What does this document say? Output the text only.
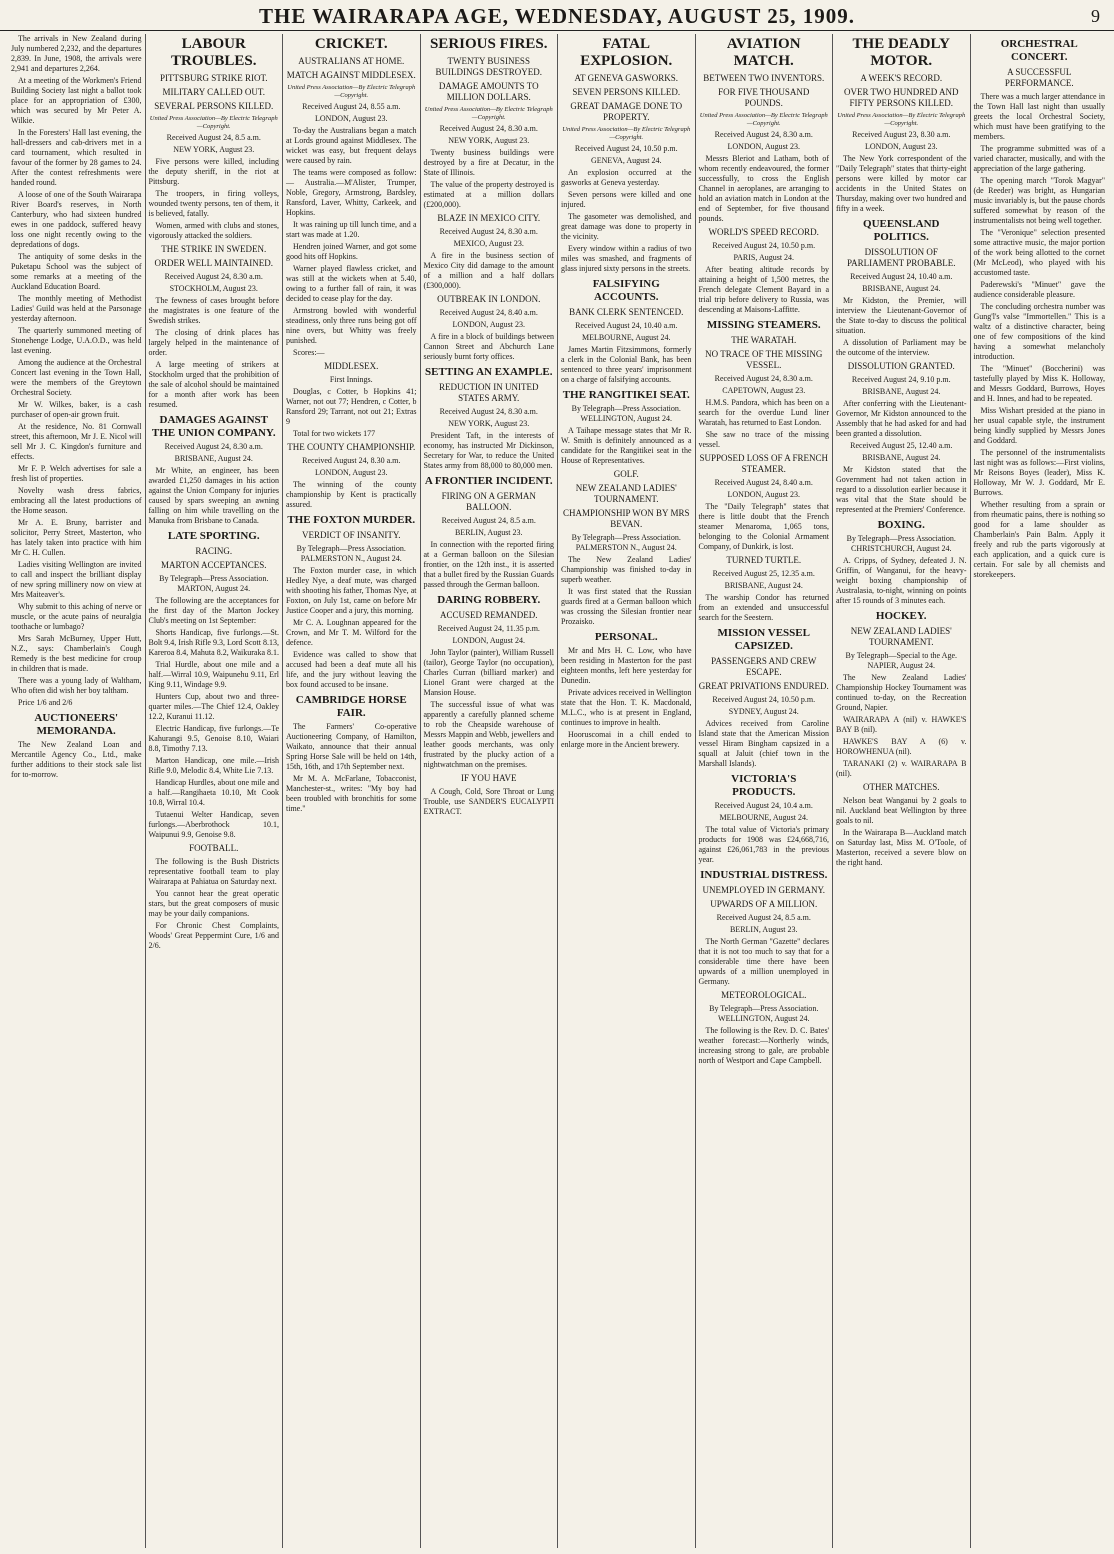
THE WAIRARAPA AGE, WEDNESDAY, AUGUST 25, 1909.	9

The arrivals in New Zealand during July numbered 2,232, and the departures 2,839. In June, 1908, the arrivals were 2,941 and departures 2,264.

At a meeting of the Workmen's Friend Building Society last night a ballot took place for an appropriation of £300, which was secured by Mr Peter A. Wilkie.

In the Foresters' Hall last evening, the hall-dressers and cab-drivers met in a card tournament, which resulted in favour of the former by 28 games to 24. After the contest refreshments were handed round.

A loose of one of the South Wairarapa River Board's reserves, in North Canterbury, who had sixteen hundred ewes in one paddock, suffered heavy loss one night recently owing to the depredations of dogs.

The antiquity of some desks in the Puketapu School was the subject of some remarks at a meeting of the Auckland Education Board.

The monthly meeting of Methodist Ladies' Guild was held at the Parsonage yesterday afternoon.

The quarterly summoned meeting of Stonehenge Lodge, U.A.O.D., was held last evening.

Among the audience at the Orchestral Concert last evening in the Town Hall, were the members of the Greytown Orchestral Society.

Mr W. Wilkes, baker, is a cash purchaser of open-air grown fruit.

At the residence, No. 81 Cornwall street, this afternoon, Mr J. E. Nicol will sell Mr J. C. Kingdon's furniture and effects.

Mr F. P. Welch advertises for sale a fresh list of properties.

Novelty wash dress fabrics, embracing all the latest productions of the Home season.

Mr A. E. Bruny, barrister and solicitor, Perry Street, Masterton, who has lately taken into practice with him Mr C. H. Cullen.

Ladies visiting Wellington are invited to call and inspect the brilliant display of new spring millinery now on view at Mrs Maiteaver's.

Why submit to this aching of nerve or muscle, or the acute pains of neuralgia toothache or lumbago?

Mrs Sarah McBurney, Upper Hutt, N.Z., says: Chamberlain's Cough Remedy is the best medicine for croup in children that is made.

There was a young lady of Waltham, Who often did wish her boy taltham.

Price 1/6 and 2/6

AUCTIONEERS' MEMORANDA.

The New Zealand Loan and Mercantile Agency Co., Ltd., make further additions to their stock sale list for to-morrow.

LABOUR TROUBLES.
PITTSBURG STRIKE RIOT.
MILITARY CALLED OUT.
SEVERAL PERSONS KILLED.
United Press Association—By Electric Telegraph—Copyright.
Received August 24, 8.5 a.m.
NEW YORK, August 23.

Five persons were killed, including the deputy sheriff, in the riot at Pittsburg.

The troopers, in firing volleys, wounded twenty persons, ten of them, it is believed, fatally.

Women, armed with clubs and stones, vigorously attacked the soldiers.

THE STRIKE IN SWEDEN.
ORDER WELL MAINTAINED.
Received August 24, 8.30 a.m.
STOCKHOLM, August 23.

The fewness of cases brought before the magistrates is one feature of the Swedish strikes.

The closing of drink places has largely helped in the maintenance of order.

A large meeting of strikers at Stockholm urged that the prohibition of the sale of alcohol should be maintained for a month after work has been resumed.

DAMAGES AGAINST THE UNION COMPANY.
Received August 24, 8.30 a.m.
BRISBANE, August 24.

Mr White, an engineer, has been awarded £1,250 damages in his action against the Union Company for injuries caused by spars sweeping an awning falling on him while travelling on the Manuka from Brisbane to Canada.

LATE SPORTING.
RACING.
MARTON ACCEPTANCES.
By Telegraph—Press Association. MARTON, August 24.

The following are the acceptances for the first day of the Marton Jockey Club's meeting on 1st September:

Shorts Handicap, five furlongs.—St. Bolt 9.4, Irish Rifle 9.3, Lord Scott 8.13, Kareroa 8.4, Mahuta 8.2, Waikuraka 8.1.

Trial Hurdle, about one mile and a half.—Wirral 10.9, Waipunehu 9.11, Erl King 9.11, Windage 9.9.

Hunters Cup, about two and three-quarter miles.—The Chief 12.4, Oakley 12.2, Kuranui 11.12.

Electric Handicap, five furlongs.—Te Kahurangi 9.5, Genoise 8.10, Waiari 8.8, Timothy 7.13.

Marton Handicap, one mile.—Irish Rifle 9.0, Melodic 8.4, White Lie 7.13.

Handicap Hurdles, about one mile and a half.—Rangihaeta 10.10, Mt Cook 10.8, Wirral 10.4.

Tutaenui Welter Handicap, seven furlongs.—Aberbrothock 10.1, Waipunui 9.9, Genoise 9.8.

FOOTBALL.

The following is the Bush Districts representative football team to play Wairarapa at Pahiatua on Saturday next.

You cannot hear the great operatic stars, but the great composers of music may be your daily companions.

For Chronic Chest Complaints, Woods' Great Peppermint Cure, 1/6 and 2/6.

CRICKET.
AUSTRALIANS AT HOME.
MATCH AGAINST MIDDLESEX.
United Press Association—By Electric Telegraph—Copyright.
Received August 24, 8.55 a.m.
LONDON, August 23.

To-day the Australians began a match at Lords ground against Middlesex. The wicket was easy, but frequent delays were caused by rain.

The teams were composed as follow:— Australia.—M'Alister, Trumper, Noble, Gregory, Armstrong, Bardsley, Ransford, Laver, Whitty, Carkeek, and Hopkins.

It was raining up till lunch time, and a start was made at 1.20.

Hendren joined Warner, and got some good hits off Hopkins.

Warner played flawless cricket, and was still at the wickets when at 5.40, owing to a further fall of rain, it was decided to cease play for the day.

Armstrong bowled with wonderful steadiness, only three runs being got off nine overs, but Whitty was freely punished.

Scores:—

MIDDLESEX.
First Innings.

Douglas, c Cotter, b Hopkins 41; Warner, not out 77; Hendren, c Cotter, b Ransford 29; Tarrant, not out 21; Extras 9

Total for two wickets 177

THE COUNTY CHAMPIONSHIP.
Received August 24, 8.30 a.m.
LONDON, August 23.

The winning of the county championship by Kent is practically assured.

THE FOXTON MURDER.
VERDICT OF INSANITY.
By Telegraph—Press Association. PALMERSTON N., August 24.

The Foxton murder case, in which Hedley Nye, a deaf mute, was charged with shooting his father, Thomas Nye, at Foxton, on July 1st, came on before Mr Justice Cooper and a jury, this morning.

Mr C. A. Loughnan appeared for the Crown, and Mr T. M. Wilford for the defence.

Evidence was called to show that accused had been a deaf mute all his life, and the jury without leaving the box found accused to be insane.

CAMBRIDGE HORSE FAIR.

The Farmers' Co-operative Auctioneering Company, of Hamilton, Waikato, announce that their annual Spring Horse Sale will be held on 14th, 15th, 16th, and 17th September next.

Mr M. A. McFarlane, Tobacconist, Manchester-st., writes: "My boy had been troubled with bronchitis for some time."

SERIOUS FIRES.
TWENTY BUSINESS BUILDINGS DESTROYED.
DAMAGE AMOUNTS TO MILLION DOLLARS.
United Press Association—By Electric Telegraph—Copyright.
Received August 24, 8.30 a.m.
NEW YORK, August 23.

Twenty business buildings were destroyed by a fire at Decatur, in the State of Illinois.

The value of the property destroyed is estimated at a million dollars (£200,000).

BLAZE IN MEXICO CITY.
Received August 24, 8.30 a.m.
MEXICO, August 23.

A fire in the business section of Mexico City did damage to the amount of a million and a half dollars (£300,000).

OUTBREAK IN LONDON.
Received August 24, 8.40 a.m.
LONDON, August 23.

A fire in a block of buildings between Cannon Street and Abchurch Lane seriously burnt forty offices.

SETTING AN EXAMPLE.
REDUCTION IN UNITED STATES ARMY.
Received August 24, 8.30 a.m.
NEW YORK, August 23.

President Taft, in the interests of economy, has instructed Mr Dickinson, Secretary for War, to reduce the United States army from 88,000 to 80,000 men.

A FRONTIER INCIDENT.
FIRING ON A GERMAN BALLOON.
Received August 24, 8.5 a.m.
BERLIN, August 23.

In connection with the reported firing at a German balloon on the Silesian frontier, on the 12th inst., it is asserted that a bullet fired by the Russian Guards passed through the German balloon.

DARING ROBBERY.
ACCUSED REMANDED.
Received August 24, 11.35 p.m.
LONDON, August 24.

John Taylor (painter), William Russell (tailor), George Taylor (no occupation), Charles Curran (billiard marker) and Lionel Grant were charged at the Mansion House.

The successful issue of what was apparently a carefully planned scheme to rob the Cheapside warehouse of Messrs Mappin and Webb, jewellers and leather goods merchants, was only frustrated by the plucky action of a nightwatchman on the premises.

IF YOU HAVE

A Cough, Cold, Sore Throat or Lung Trouble, use SANDER'S EUCALYPTI EXTRACT.

FATAL EXPLOSION.
AT GENEVA GASWORKS.
SEVEN PERSONS KILLED.
GREAT DAMAGE DONE TO PROPERTY.
United Press Association—By Electric Telegraph—Copyright.
Received August 24, 10.50 p.m.
GENEVA, August 24.

An explosion occurred at the gasworks at Geneva yesterday.

Seven persons were killed and one injured.

The gasometer was demolished, and great damage was done to property in the vicinity.

Every window within a radius of two miles was smashed, and fragments of glass injured sixty persons in the streets.

FALSIFYING ACCOUNTS.
BANK CLERK SENTENCED.
Received August 24, 10.40 a.m.
MELBOURNE, August 24.

James Martin Fitzsimmons, formerly a clerk in the Colonial Bank, has been sentenced to three years' imprisonment on a charge of falsifying accounts.

THE RANGITIKEI SEAT.
By Telegraph—Press Association. WELLINGTON, August 24.

A Taihape message states that Mr R. W. Smith is definitely announced as a candidate for the Rangitikei seat in the House of Representatives.

GOLF.
NEW ZEALAND LADIES' TOURNAMENT.
CHAMPIONSHIP WON BY MRS BEVAN.
By Telegraph—Press Association. PALMERSTON N., August 24.

The New Zealand Ladies' Championship was finished to-day in superb weather.

It was first stated that the Russian guards fired at a German balloon which was crossing the Silesian frontier near Prozaisko.

PERSONAL.

Mr and Mrs H. C. Low, who have been residing in Masterton for the past eighteen months, left here yesterday for Dunedin.

Private advices received in Wellington state that the Hon. T. K. Macdonald, M.L.C., who is at present in England, continues to improve in health.

Hooruscomai in a chill ended to enlarge more in the Ancient brewery.

AVIATION MATCH.
BETWEEN TWO INVENTORS.
FOR FIVE THOUSAND POUNDS.
United Press Association—By Electric Telegraph—Copyright.
Received August 24, 8.30 a.m.
LONDON, August 23.

Messrs Bleriot and Latham, both of whom recently endeavoured, the former successfully, to cross the English Channel in aeroplanes, are arranging to hold an aviation match in London at the end of September, for five thousand pounds.

WORLD'S SPEED RECORD.
Received August 24, 10.50 p.m.
PARIS, August 24.

After beating altitude records by attaining a height of 1,500 metres, the French delegate Clement Bayard in a trial trip before delivery to Russia, was descending at Maisons-Laffitte.

MISSING STEAMERS.
THE WARATAH.
NO TRACE OF THE MISSING VESSEL.
Received August 24, 8.30 a.m.
CAPETOWN, August 23.

H.M.S. Pandora, which has been on a search for the overdue Lund liner Waratah, has returned to East London.

She saw no trace of the missing vessel.

SUPPOSED LOSS OF A FRENCH STEAMER.
Received August 24, 8.40 a.m.
LONDON, August 23.

The "Daily Telegraph" states that there is little doubt that the French steamer Menaroma, 1,065 tons, belonging to the Colonial Armament Company, of Dunkirk, is lost.

TURNED TURTLE.
Received August 25, 12.35 a.m.
BRISBANE, August 24.

The warship Condor has returned from an extended and unsuccessful search for the Seestern.

MISSION VESSEL CAPSIZED.
PASSENGERS AND CREW ESCAPE.
GREAT PRIVATIONS ENDURED.
Received August 24, 10.50 p.m.
SYDNEY, August 24.

Advices received from Caroline Island state that the American Mission vessel Hiram Bingham capsized in a squall at Jaluit (chief town in the Marshall Islands).

VICTORIA'S PRODUCTS.
Received August 24, 10.4 a.m.
MELBOURNE, August 24.

The total value of Victoria's primary products for 1908 was £24,668,716, against £26,061,783 in the previous year.

INDUSTRIAL DISTRESS.
UNEMPLOYED IN GERMANY.
UPWARDS OF A MILLION.
Received August 24, 8.5 a.m.
BERLIN, August 23.

The North German "Gazette" declares that it is not too much to say that for a considerable time there have been upwards of a million unemployed in Germany.

METEOROLOGICAL.
By Telegraph—Press Association. WELLINGTON, August 24.

The following is the Rev. D. C. Bates' weather forecast:—Northerly winds, increasing strong to gale, are probable north of Westport and Cape Campbell.

THE DEADLY MOTOR.
A WEEK'S RECORD.
OVER TWO HUNDRED AND FIFTY PERSONS KILLED.
United Press Association—By Electric Telegraph—Copyright.
Received August 23, 8.30 a.m.
LONDON, August 23.

The New York correspondent of the "Daily Telegraph" states that thirty-eight persons were killed by motor car accidents in the United States on Thursday, making over two hundred and fifty in a week.

QUEENSLAND POLITICS.
DISSOLUTION OF PARLIAMENT PROBABLE.
Received August 24, 10.40 a.m.
BRISBANE, August 24.

Mr Kidston, the Premier, will interview the Lieutenant-Governor of the State to-day to discuss the political situation.

A dissolution of Parliament may be the outcome of the interview.

DISSOLUTION GRANTED.
Received August 24, 9.10 p.m.
BRISBANE, August 24.

After conferring with the Lieutenant-Governor, Mr Kidston announced to the Assembly that he had asked for and had been granted a dissolution.

Received August 25, 12.40 a.m.
BRISBANE, August 24.

Mr Kidston stated that the Government had not taken action in regard to a dissolution earlier because it was vital that the State should be represented at the Premiers' Conference.

BOXING.
By Telegraph—Press Association. CHRISTCHURCH, August 24.

A. Cripps, of Sydney, defeated J. N. Griffin, of Wanganui, for the heavy-weight boxing championship of Australasia, to-night, winning on points after 15 rounds of 3 minutes each.

HOCKEY.
NEW ZEALAND LADIES' TOURNAMENT.
By Telegraph—Special to the Age. NAPIER, August 24.

The New Zealand Ladies' Championship Hockey Tournament was continued to-day, on the Recreation Ground, Napier.

WAIRARAPA A (nil) v. HAWKE'S BAY B (nil).

HAWKE'S BAY A (6) v. HOROWHENUA (nil).

TARANAKI (2) v. WAIRARAPA B (nil).

OTHER MATCHES.

Nelson beat Wanganui by 2 goals to nil. Auckland beat Wellington by three goals to nil.

In the Wairarapa B—Auckland match on Saturday last, Miss M. O'Toole, of Masterton, received a severe blow on the right hand.

ORCHESTRAL CONCERT.
A SUCCESSFUL PERFORMANCE.

There was a much larger attendance in the Town Hall last night than usually greets the local Orchestral Society, which must have been gratifying to the members.

The programme submitted was of a varied character, musically, and with the appreciation of the large gathering.

The opening march "Torok Magyar" (de Reeder) was bright, as Hungarian music invariably is, but the pause chords suffered somewhat by reason of the instrumentalists not being well together.

The "Veronique" selection presented some attractive music, the major portion of the work being allotted to the cornet (Mr McLeod), who played with his accustomed taste.

Paderewski's "Minuet" gave the audience considerable pleasure.

The concluding orchestra number was Gung'l's valse "Immortellen." This is a waltz of a distinctive character, being one of few compositions of the kind having a somewhat melancholy introduction.

The "Minuet" (Boccherini) was tastefully played by Miss K. Holloway, and Messrs Goddard, Burrows, Hoyes and H. Innes, and had to be repeated.

Miss Wishart presided at the piano in her usual capable style, the instrument being kindly supplied by Messrs Jones and Goddard.

The personnel of the instrumentalists last night was as follows:—First violins, Mr Reisons Boyes (leader), Miss K. Holloway, Mr W. J. Goddard, Mr E. Burrows.

Whether resulting from a sprain or from rheumatic pains, there is nothing so good for a lame shoulder as Chamberlain's Pain Balm. Apply it freely and rub the parts vigorously at each application, and a quick cure is certain. For sale by all chemists and storekeepers.
